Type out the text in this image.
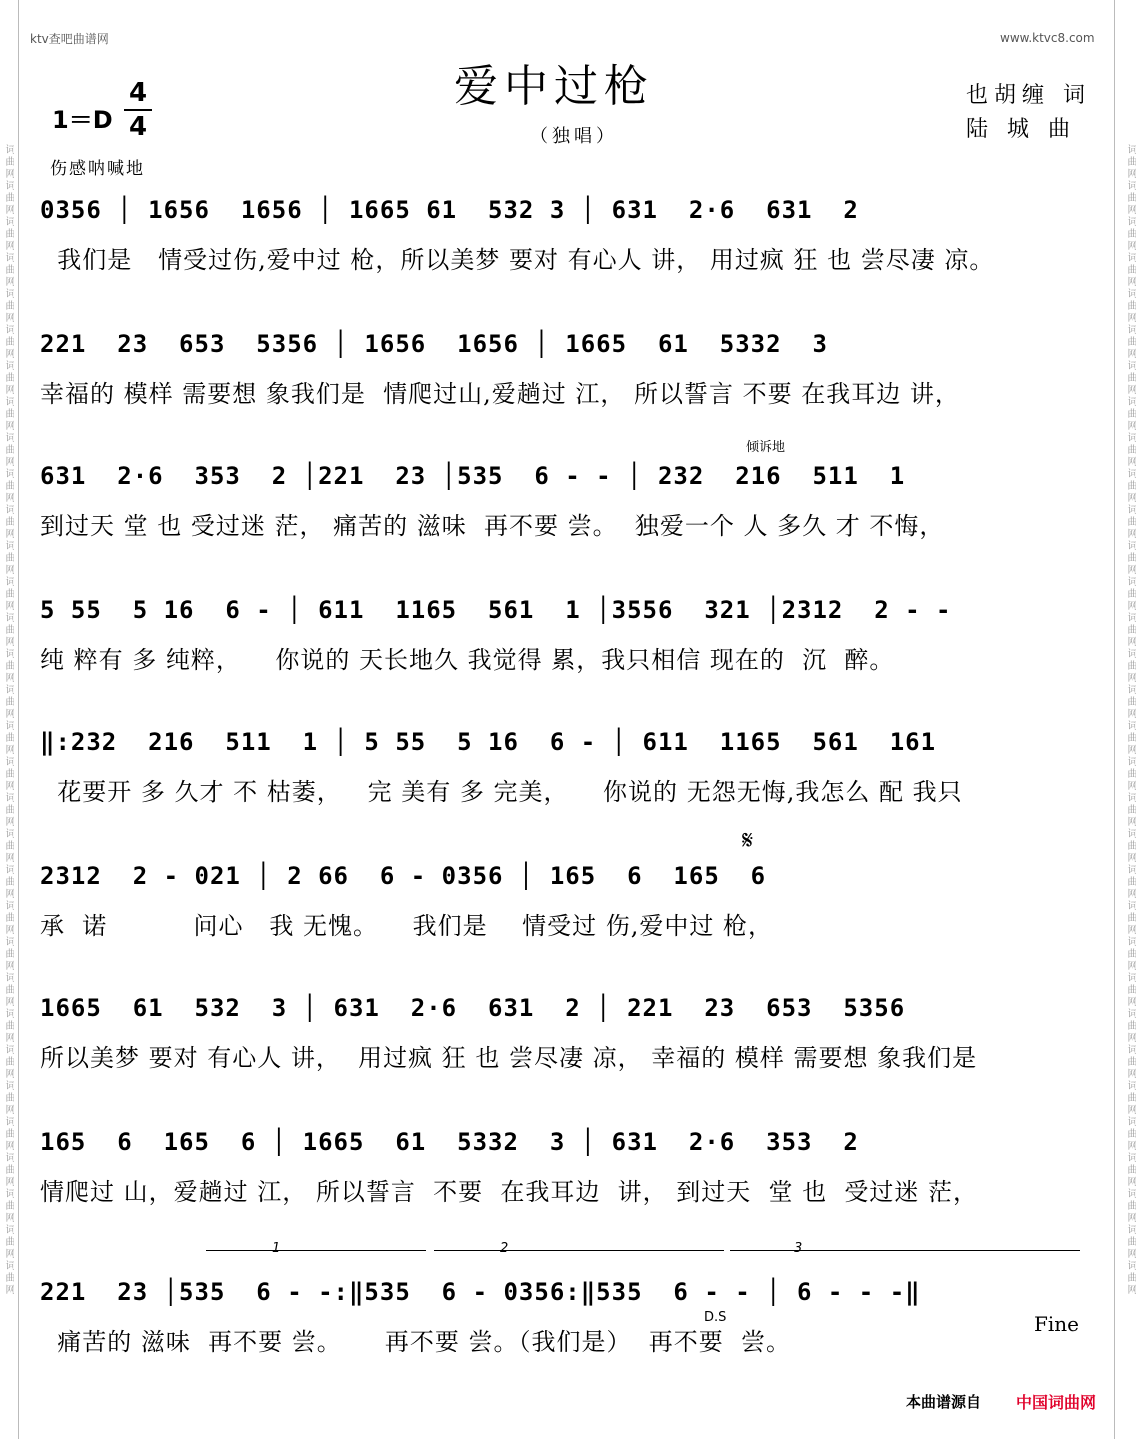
词曲网词曲网词曲网词曲网词曲网词曲网词曲网词曲网词曲网词曲网词曲网词曲网词曲网词曲网词曲网词曲网词曲网词曲网词曲网词曲网词曲网词曲网词曲网词曲网词曲网词曲网词曲网词曲网词曲网词曲网词曲网词曲网	词曲网词曲网词曲网词曲网词曲网词曲网词曲网词曲网词曲网词曲网词曲网词曲网词曲网词曲网词曲网词曲网词曲网词曲网词曲网词曲网词曲网词曲网词曲网词曲网词曲网词曲网词曲网词曲网词曲网词曲网词曲网词曲网
ktv查吧曲谱网	www.ktvc8.com
爱中过枪
（独唱）
也胡缠 词
陆 城 曲
1＝D
4
4
伤感呐喊地
0356 │ 1656  1656 │ 1665 61  532 3 │ 631  2·6  631  2
我们是   情受过伤,爱中过 枪，所以美梦 要对 有心人 讲， 用过疯 狂 也 尝尽凄 凉。
221  23  653  5356 │ 1656  1656 │ 1665  61  5332  3
幸福的 模样 需要想 象我们是  情爬过山,爱趟过 江， 所以誓言 不要 在我耳边 讲，
倾诉地
631  2·6  353  2 │221  23 │535  6 - - │ 232  216  511  1
到过天 堂 也 受过迷 茫， 痛苦的 滋味  再不要 尝。  独爱一个 人 多久 才 不悔，
5 55  5 16  6 - │ 611  1165  561  1 │3556  321 │2312  2 - -
纯 粹有 多 纯粹，    你说的 天长地久 我觉得 累，我只相信 现在的  沉  醉。
‖:232  216  511  1 │ 5 55  5 16  6 - │ 611  1165  561  161
花要开 多 久才 不 枯萎，   完 美有 多 完美，    你说的 无怨无悔,我怎么 配 我只
𝄋
2312  2 - 021 │ 2 66  6 - 0356 │ 165  6  165  6
承  诺          问心   我 无愧。    我们是    情受过 伤,爱中过 枪，
1665  61  532  3 │ 631  2·6  631  2 │ 221  23  653  5356
所以美梦 要对 有心人 讲，  用过疯 狂 也 尝尽凄 凉， 幸福的 模样 需要想 象我们是
165  6  165  6 │ 1665  61  5332  3 │ 631  2·6  353  2
情爬过 山，爱趟过 江， 所以誓言  不要  在我耳边  讲， 到过天  堂 也  受过迷 茫，
1	2	3
221  23 │535  6 - -:‖535  6 - 0356:‖535  6 - - │ 6 - - -‖
痛苦的 滋味  再不要 尝。     再不要 尝。（我们是）  再不要  尝。
D.S	Fine
本曲谱源自 中国词曲网
